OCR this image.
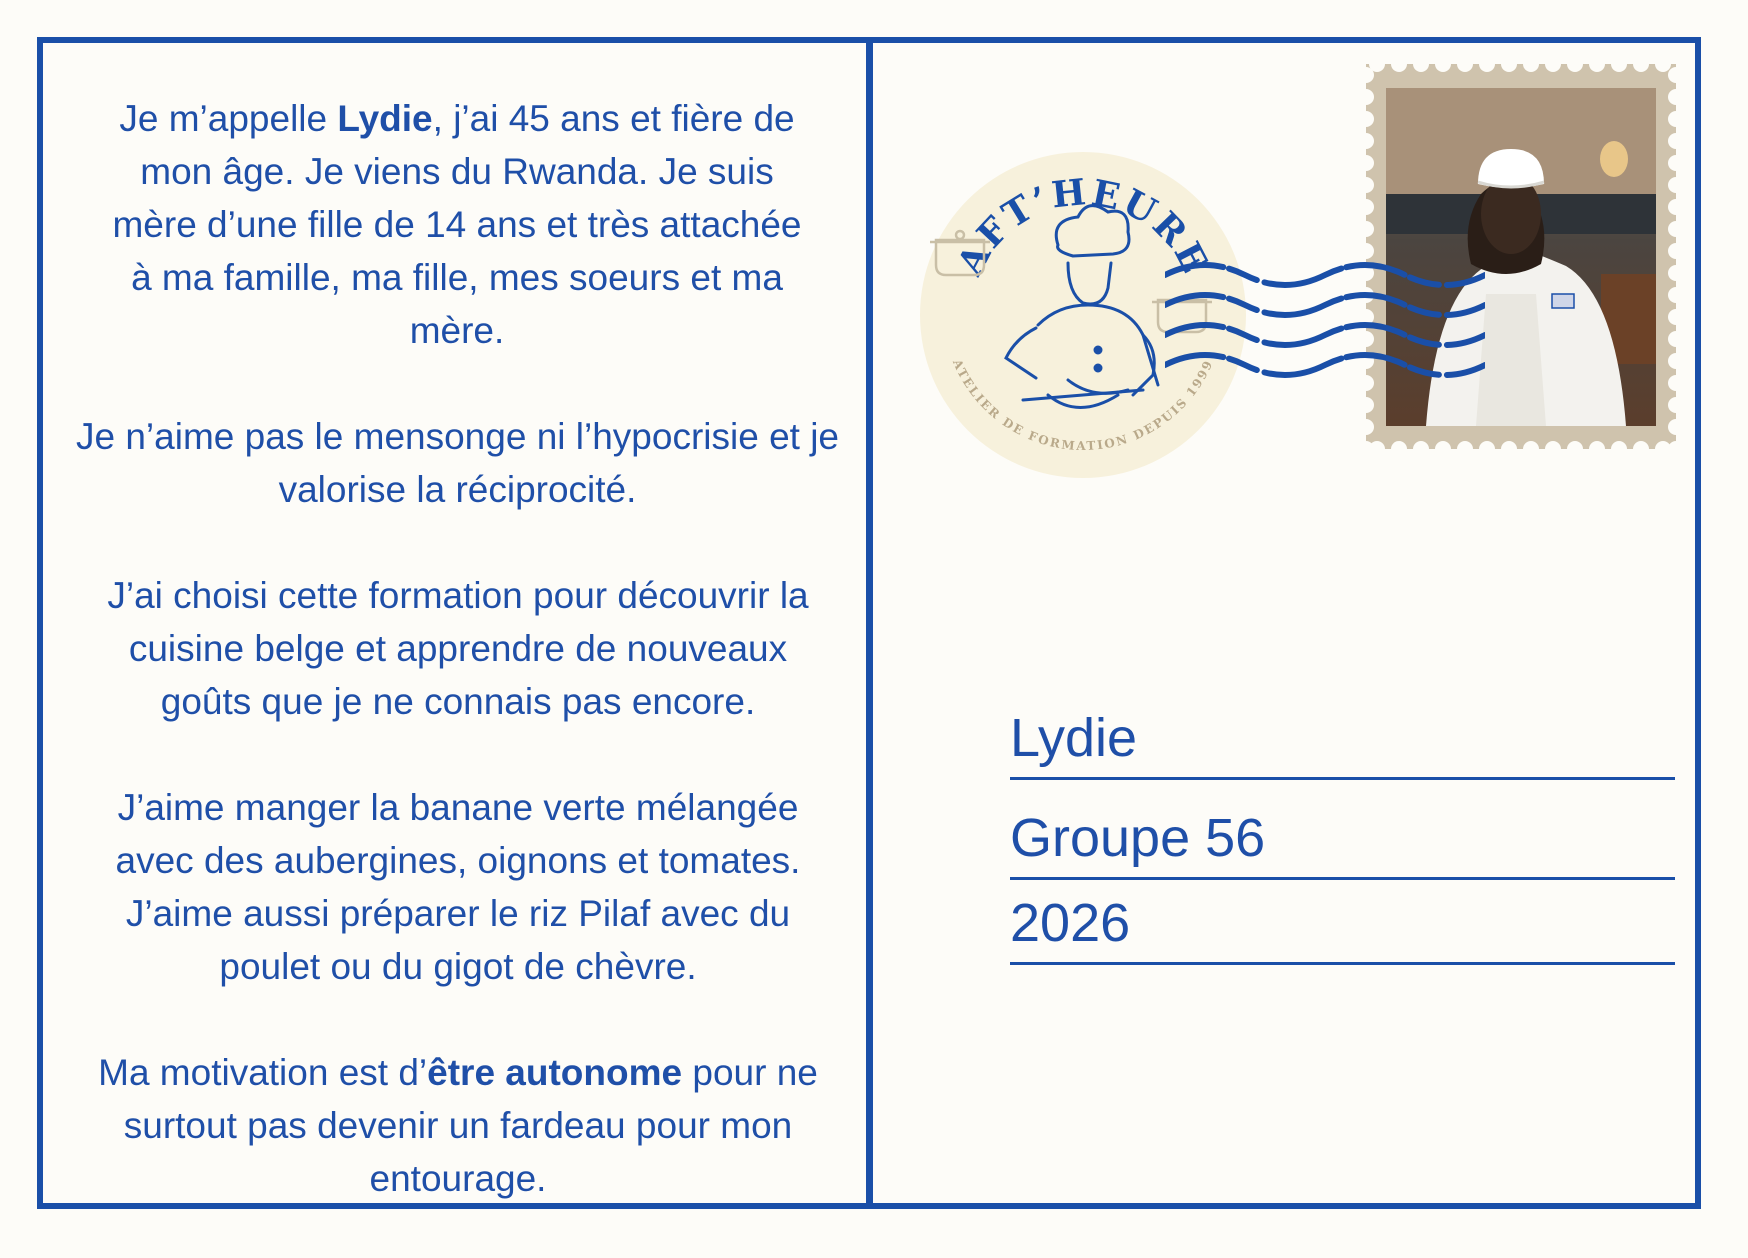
Je m’appelle Lydie, j’ai 45 ans et fière de mon âge. Je viens du Rwanda. Je suis mère d’une fille de 14 ans et très attachée à ma famille, ma fille, mes soeurs et ma mère.

Je n’aime pas le mensonge ni l’hypocrisie et je valorise la réciprocité.

J’ai choisi cette formation pour découvrir la cuisine belge et apprendre de nouveaux goûts que je ne connais pas encore.

J’aime manger la banane verte mélangée avec des aubergines, oignons et tomates. J’aime aussi préparer le riz Pilaf avec du poulet ou du gigot de chèvre.

Ma motivation est d’être autonome pour ne surtout pas devenir un fardeau pour mon entourage.

AFT’HEURE
ATELIER DE FORMATION DEPUIS 1999
Lydie
Groupe 56
2026
